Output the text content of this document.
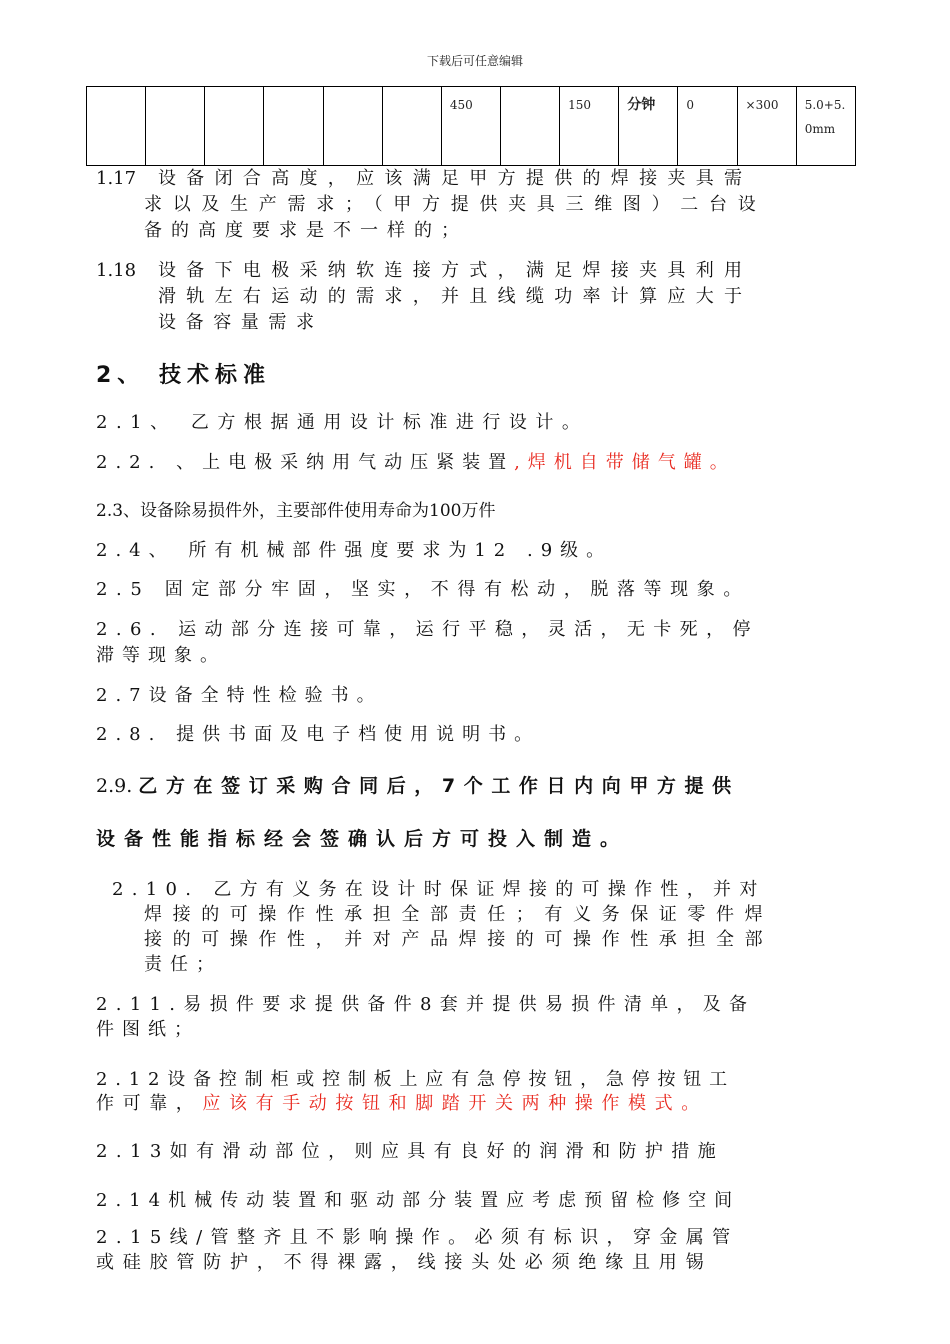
下载后可任意编辑
						450		150	分钟	0	×300	5.0+5.0mm
1.17 设备闭合高度，应该满足甲方提供的焊接夹具需
求以及生产需求；（甲方提供夹具三维图）二台设
备的高度要求是不一样的；
1.18 设备下电极采纳软连接方式，满足焊接夹具利用
滑轨左右运动的需求，并且线缆功率计算应大于
设备容量需求
2、 技术标准
2.1、 乙方根据通用设计标准进行设计。
2.2. 、上电极采纳用气动压紧装置,焊机自带储气罐。
2.3、设备除易损件外，主要部件使用寿命为100万件
2.4、 所有机械部件强度要求为12 .9级。
2.5 固定部分牢固，坚实，不得有松动，脱落等现象。
2.6. 运动部分连接可靠，运行平稳，灵活，无卡死，停
滞等现象。
2.7设备全特性检验书。
2.8. 提供书面及电子档使用说明书。
2.9. 乙方在签订采购合同后，7个工作日内向甲方提供
设备性能指标经会签确认后方可投入制造。
2.10. 乙方有义务在设计时保证焊接的可操作性，并对
焊接的可操作性承担全部责任；有义务保证零件焊
接的可操作性，并对产品焊接的可操作性承担全部
责任；
2.11.易损件要求提供备件8套并提供易损件清单，及备
件图纸；
2.12设备控制柜或控制板上应有急停按钮，急停按钮工
作可靠，应该有手动按钮和脚踏开关两种操作模式。
2.13如有滑动部位，则应具有良好的润滑和防护措施
2.14机械传动装置和驱动部分装置应考虑预留检修空间
2.15线/管整齐且不影响操作。必须有标识，穿金属管
或硅胶管防护，不得裸露，线接头处必须绝缘且用锡
